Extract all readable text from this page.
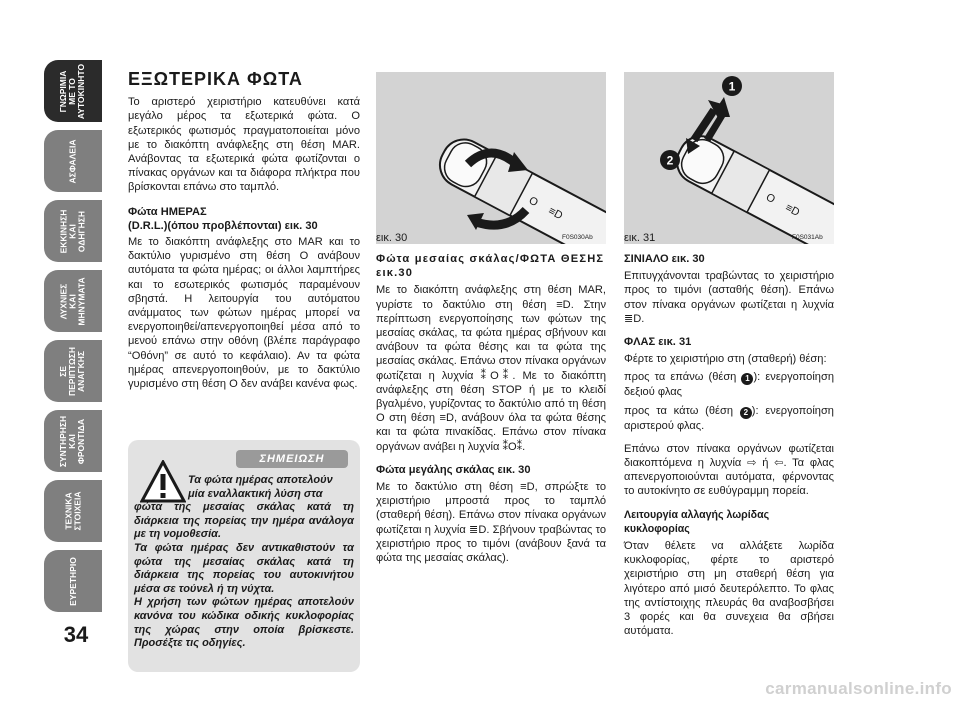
ΓΝΩΡΙΜΙΑ
ΜΕ ΤΟ
ΑΥΤΟΚΙΝΗΤΟ
ΑΣΦΑΛΕΙΑ
ΕΚΚΙΝΗΣΗ
ΚΑΙ
ΟΔΗΓΗΣΗ
ΛΥΧΝΙΕΣ
ΚΑΙ
ΜΗΝΥΜΑΤΑ
ΣΕ
ΠΕΡΙΠΤΩΣΗ
ΑΝΑΓΚΗΣ
ΣΥΝΤΗΡΗΣΗ
ΚΑΙ
ΦΡΟΝΤΙΔΑ
ΤΕΧΝΙΚΑ
ΣΤΟΙΧΕΙΑ
ΕΥΡΕΤΗΡΙΟ
34
ΕΞΩΤΕΡΙΚΑ ΦΩΤΑ

Το αριστερό χειριστήριο κατευθύνει κατά μεγάλο μέρος τα εξωτερικά φώτα. Ο εξωτερικός φωτισμός πραγματοποιείται μόνο με το διακόπτη ανάφλεξης στη θέση MAR. Ανάβοντας τα εξωτερικά φώτα φωτίζονται ο πίνακας οργάνων και τα διάφορα πλήκτρα που βρίσκονται επάνω στο ταμπλό.

Φώτα ΗΜΕΡΑΣ

(D.R.L.)(όπου προβλέπονται) εικ. 30

Με το διακόπτη ανάφλεξης στο MAR και το δακτύλιο γυρισμένο στη θέση O ανάβουν αυτόματα τα φώτα ημέρας; οι άλλοι λαμπτήρες και το εσωτερικός φωτισμός παραμένουν σβηστά. Η λειτουργία του αυτόματου ανάμματος των φώτων ημέρας μπορεί να ενεργοποιηθεί/απενεργοποιηθεί μέσα από το μενού επάνω στην οθόνη (βλέπε παράγραφο “Οθόνη” σε αυτό το κεφάλαιο). Αν τα φώτα ημέρας απενεργοποιηθούν, με το δακτύλιο γυρισμένο στη θέση O δεν ανάβει κανένα φως.

ΣΗΜΕΙΩΣΗ
Τα φώτα ημέρας αποτελούν
μία εναλλακτική λύση στα
φώτα της μεσαίας σκάλας κατά τη διάρκεια της πορείας την ημέρα ανάλογα με τη νομοθεσία.
Τα φώτα ημέρας δεν αντικαθιστούν τα φώτα της μεσαίας σκάλας κατά τη διάρκεια της πορείας του αυτοκινήτου μέσα σε τούνελ ή τη νύχτα.
Η χρήση των φώτων ημέρας αποτελούν κανόνα του κώδικα οδικής κυκλοφορίας της χώρας στην οποία βρίσκεστε. Προσέξτε τις οδηγίες.
O
≡D
εικ. 30	F0S030Ab
O
≡D
1
2
εικ. 31	F0S031Ab

Φώτα μεσαίας σκάλας/ΦΩΤΑ ΘΕΣΗΣ εικ.30

Με το διακόπτη ανάφλεξης στη θέση MAR, γυρίστε το δακτύλιο στη θέση ≡D. Στην περίπτωση ενεργοποίησης των φώτων της μεσαίας σκάλας, τα φώτα ημέρας σβήνουν και ανάβουν τα φώτα θέσης και τα φώτα της μεσαίας σκάλας. Επάνω στον πίνακα οργάνων φωτίζεται η λυχνία ⁑O⁑. Με το διακόπτη ανάφλεξης στη θέση STOP ή με το κλειδί βγαλμένο, γυρίζοντας το δακτύλιο από τη θέση O στη θέση ≡D, ανάβουν όλα τα φώτα θέσης και τα φώτα πινακίδας. Επάνω στον πίνακα οργάνων ανάβει η λυχνία ⁑O⁑.

Φώτα μεγάλης σκάλας εικ. 30

Με το δακτύλιο στη θέση ≡D, σπρώξτε το χειριστήριο μπροστά προς το ταμπλό (σταθερή θέση). Επάνω στον πίνακα οργάνων φωτίζεται η λυχνία ≣D. Σβήνουν τραβώντας το χειριστήριο προς το τιμόνι (ανάβουν ξανά τα φώτα της μεσαίας σκάλας).

ΣΙΝΙΑΛΟ εικ. 30

Επιτυγχάνονται τραβώντας το χειριστήριο προς το τιμόνι (ασταθής θέση). Επάνω στον πίνακα οργάνων φωτίζεται η λυχνία ≣D.

ΦΛΑΣ εικ. 31

Φέρτε το χειριστήριο στη (σταθερή) θέση:

προς τα επάνω (θέση 1 ): ενεργοποίηση δεξιού φλας

προς τα κάτω (θέση 2 ): ενεργοποίηση αριστερού φλας.

Επάνω στον πίνακα οργάνων φωτίζεται διακοπτόμενα η λυχνία ⇨ ή ⇦. Τα φλας απενεργοποιούνται αυτόματα, φέρνοντας το αυτοκίνητο σε ευθύγραμμη πορεία.

Λειτουργία αλλαγής λωρίδας κυκλοφορίας

Όταν θέλετε να αλλάξετε λωρίδα κυκλοφορίας, φέρτε το αριστερό χειριστήριο στη μη σταθερή θέση για λιγότερο από μισό δευτερόλεπτο. Το φλας της αντίστοιχης πλευράς θα αναβοσβήσει 3 φορές και θα συνεχεια θα σβήσει αυτόματα.

carmanualsonline.info
